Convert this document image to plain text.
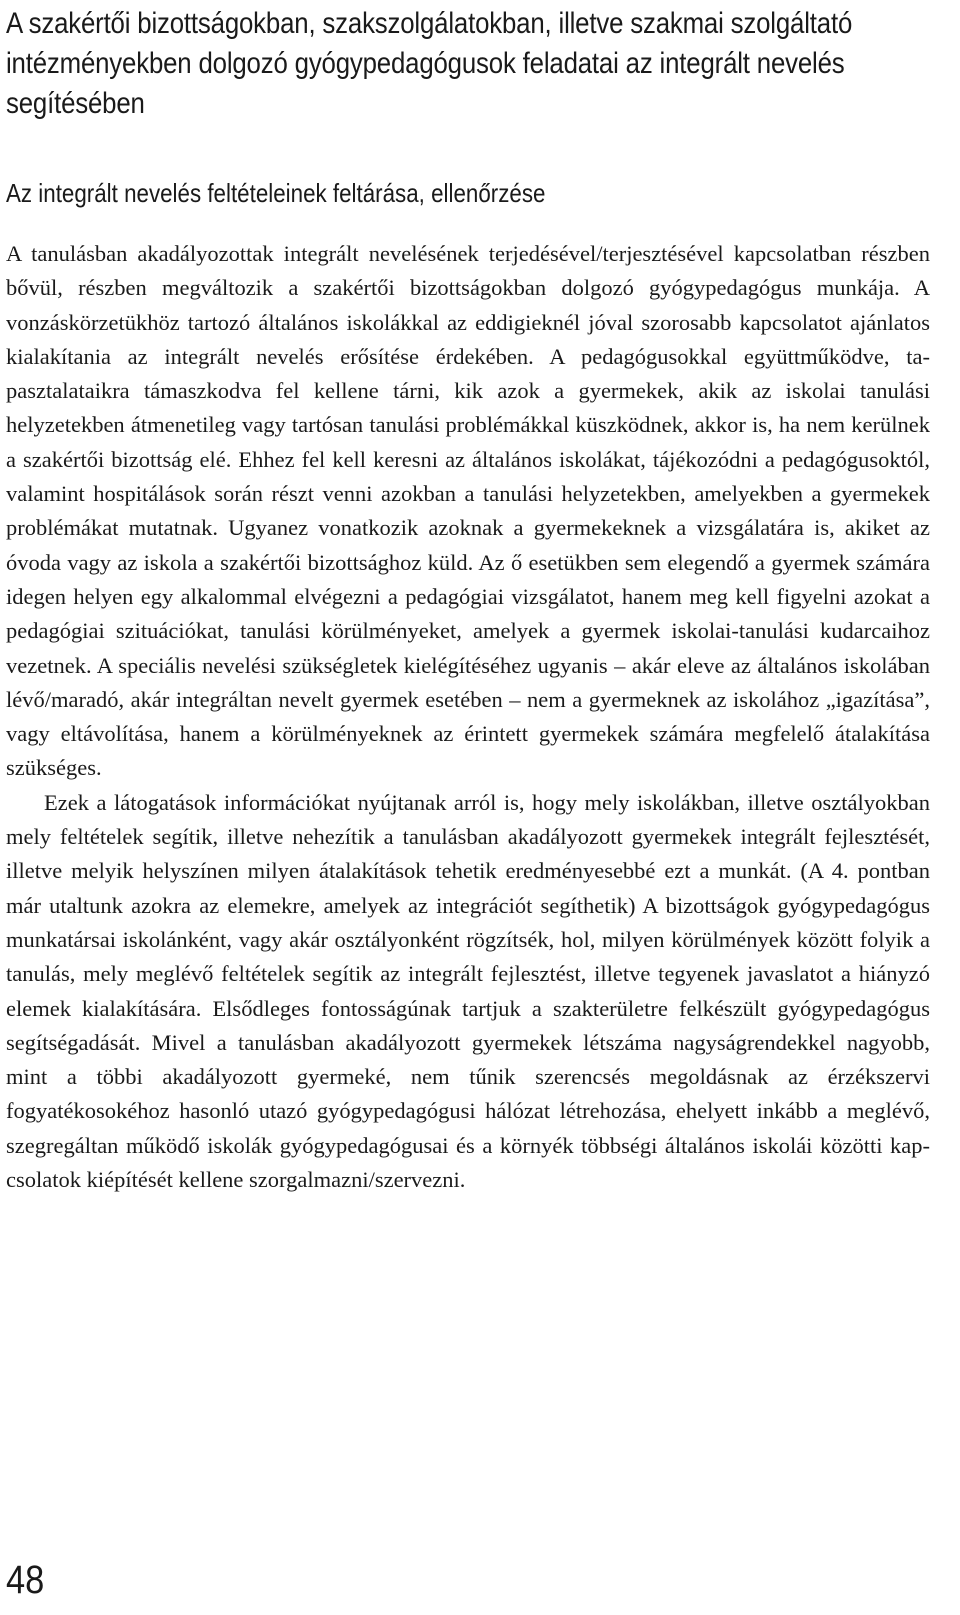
A szakértői bizottságokban, szakszolgálatokban, illetve szakmai szolgáltató intézményekben dolgozó gyógypedagógusok feladatai az integrált nevelés segítésében
Az integrált nevelés feltételeinek feltárása, ellenőrzése

A tanulásban akadályozottak integrált nevelésének terjedésével/terjesztésével kapcsolatban részben bővül, részben megváltozik a szakértői bizottságokban dolgozó gyógypedagógus munkája. A vonzáskörzetükhöz tartozó általános iskolákkal az eddigieknél jóval szorosabb kapcsolatot ajánlatos kialakítania az integrált nevelés erősítése érdekében. A pedagógusokkal együttműködve, tapasztalataikra támaszkodva fel kellene tárni, kik azok a gyermekek, akik az iskolai tanulási helyzetekben átmenetileg vagy tartósan tanulási problémákkal küszködnek, akkor is, ha nem kerülnek a szakértői bizottság elé. Ehhez fel kell keresni az általános iskolákat, tájékozódni a pedagógusoktól, valamint hospitálások során részt venni azokban a tanulási helyzetekben, amelyekben a gyermekek problémákat mutatnak. Ugyanez vonatkozik azoknak a gyermekeknek a vizsgálatára is, akiket az óvoda vagy az iskola a szakértői bizottsághoz küld. Az ő esetükben sem elegendő a gyermek számára idegen helyen egy alkalommal elvégezni a pedagógiai vizsgálatot, hanem meg kell figyelni azokat a pedagógiai szituációkat, tanulási körülményeket, amelyek a gyermek iskolai-tanulási kudarcaihoz vezetnek. A speciális nevelési szükségletek kielégítéséhez ugyanis – akár eleve az általános iskolában lévő/maradó, akár integráltan nevelt gyermek esetében – nem a gyermeknek az iskolához „igazítása”, vagy eltávolítása, hanem a körülményeknek az érintett gyermekek számára megfelelő átalakítása szükséges.

Ezek a látogatások információkat nyújtanak arról is, hogy mely iskolákban, illetve osztályokban mely feltételek segítik, illetve nehezítik a tanulásban akadályozott gyermekek integrált fejlesztését, illetve melyik helyszínen milyen átalakítások tehetik eredményesebbé ezt a munkát. (A 4. pontban már utaltunk azokra az elemekre, amelyek az integrációt segíthetik) A bizottságok gyógypedagógus munkatársai iskolánként, vagy akár osztályonként rögzítsék, hol, milyen körülmények között folyik a tanulás, mely meglévő feltételek segítik az integrált fejlesztést, illetve tegyenek javaslatot a hiányzó elemek kialakítására. Elsődleges fontosságúnak tartjuk a szakterületre felkészült gyógypedagógus segítségadását. Mivel a tanulásban akadályozott gyermekek létszáma nagyságrendekkel nagyobb, mint a többi akadályozott gyermeké, nem tűnik szerencsés megoldásnak az érzékszervi fogyatékosokéhoz hasonló utazó gyógypedagógusi hálózat létrehozása, ehelyett inkább a meglévő, szegregáltan működő iskolák gyógypedagógusai és a környék többségi általános iskolái közötti kapcsolatok kiépítését kellene szorgalmazni/szervezni.

48
